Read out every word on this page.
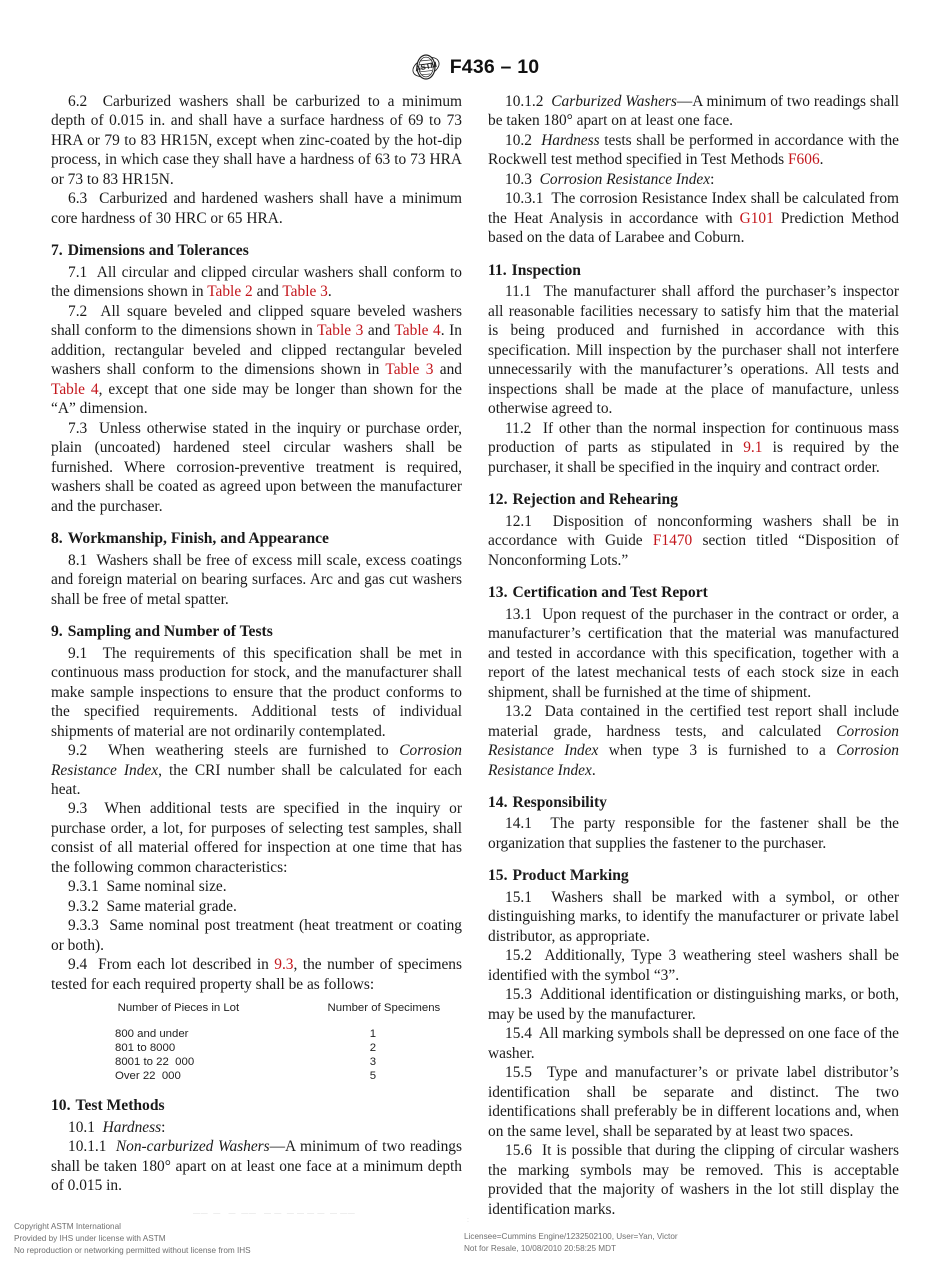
ASTM F436 – 10

6.2  Carburized washers shall be carburized to a minimum depth of 0.015 in. and shall have a surface hardness of 69 to 73 HRA or 79 to 83 HR15N, except when zinc-coated by the hot-dip process, in which case they shall have a hardness of 63 to 73 HRA or 73 to 83 HR15N.

6.3  Carburized and hardened washers shall have a minimum core hardness of 30 HRC or 65 HRA.

7. Dimensions and Tolerances

7.1  All circular and clipped circular washers shall conform to the dimensions shown in Table 2 and Table 3.

7.2  All square beveled and clipped square beveled washers shall conform to the dimensions shown in Table 3 and Table 4. In addition, rectangular beveled and clipped rectangular beveled washers shall conform to the dimensions shown in Table 3 and Table 4, except that one side may be longer than shown for the “A” dimension.

7.3  Unless otherwise stated in the inquiry or purchase order, plain (uncoated) hardened steel circular washers shall be furnished. Where corrosion-preventive treatment is required, washers shall be coated as agreed upon between the manufacturer and the purchaser.

8. Workmanship, Finish, and Appearance

8.1  Washers shall be free of excess mill scale, excess coatings and foreign material on bearing surfaces. Arc and gas cut washers shall be free of metal spatter.

9. Sampling and Number of Tests

9.1  The requirements of this specification shall be met in continuous mass production for stock, and the manufacturer shall make sample inspections to ensure that the product conforms to the specified requirements. Additional tests of individual shipments of material are not ordinarily contemplated.

9.2  When weathering steels are furnished to Corrosion Resistance Index, the CRI number shall be calculated for each heat.

9.3  When additional tests are specified in the inquiry or purchase order, a lot, for purposes of selecting test samples, shall consist of all material offered for inspection at one time that has the following common characteristics:

9.3.1  Same nominal size.

9.3.2  Same material grade.

9.3.3  Same nominal post treatment (heat treatment or coating or both).

9.4  From each lot described in 9.3, the number of specimens tested for each required property shall be as follows:

Number of Pieces in Lot	Number of Specimens
800 and under	1
801 to 8000	2
8001 to 22  000	3
Over 22  000	5
10. Test Methods

10.1 Hardness:

10.1.1 Non-carburized Washers—A minimum of two readings shall be taken 180° apart on at least one face at a minimum depth of 0.015 in.

10.1.2 Carburized Washers—A minimum of two readings shall be taken 180° apart on at least one face.

10.2 Hardness tests shall be performed in accordance with the Rockwell test method specified in Test Methods F606.

10.3 Corrosion Resistance Index:

10.3.1  The corrosion Resistance Index shall be calculated from the Heat Analysis in accordance with G101 Prediction Method based on the data of Larabee and Coburn.

11. Inspection

11.1  The manufacturer shall afford the purchaser’s inspector all reasonable facilities necessary to satisfy him that the material is being produced and furnished in accordance with this specification. Mill inspection by the purchaser shall not interfere unnecessarily with the manufacturer’s operations. All tests and inspections shall be made at the place of manufacture, unless otherwise agreed to.

11.2  If other than the normal inspection for continuous mass production of parts as stipulated in 9.1 is required by the purchaser, it shall be specified in the inquiry and contract order.

12. Rejection and Rehearing

12.1  Disposition of nonconforming washers shall be in accordance with Guide F1470 section titled “Disposition of Nonconforming Lots.”

13. Certification and Test Report

13.1  Upon request of the purchaser in the contract or order, a manufacturer’s certification that the material was manufactured and tested in accordance with this specification, together with a report of the latest mechanical tests of each stock size in each shipment, shall be furnished at the time of shipment.

13.2  Data contained in the certified test report shall include material grade, hardness tests, and calculated Corrosion Resistance Index when type 3 is furnished to a Corrosion Resistance Index.

14. Responsibility

14.1  The party responsible for the fastener shall be the organization that supplies the fastener to the purchaser.

15. Product Marking

15.1  Washers shall be marked with a symbol, or other distinguishing marks, to identify the manufacturer or private label distributor, as appropriate.

15.2  Additionally, Type 3 weathering steel washers shall be identified with the symbol “3”.

15.3  Additional identification or distinguishing marks, or both, may be used by the manufacturer.

15.4  All marking symbols shall be depressed on one face of the washer.

15.5  Type and manufacturer’s or private label distributor’s identification shall be separate and distinct. The two identifications shall preferably be in different locations and, when on the same level, shall be separated by at least two spaces.

15.6  It is possible that during the clipping of circular washers the marking symbols may be removed. This is acceptable provided that the majority of washers in the lot still display the identification marks.

——  —   —  ——   — —  — — — —  — ——
:
Copyright ASTM International
Provided by IHS under license with ASTM
No reproduction or networking permitted without license from IHS
Licensee=Cummins Engine/1232502100, User=Yan, Victor
Not for Resale, 10/08/2010 20:58:25 MDT
